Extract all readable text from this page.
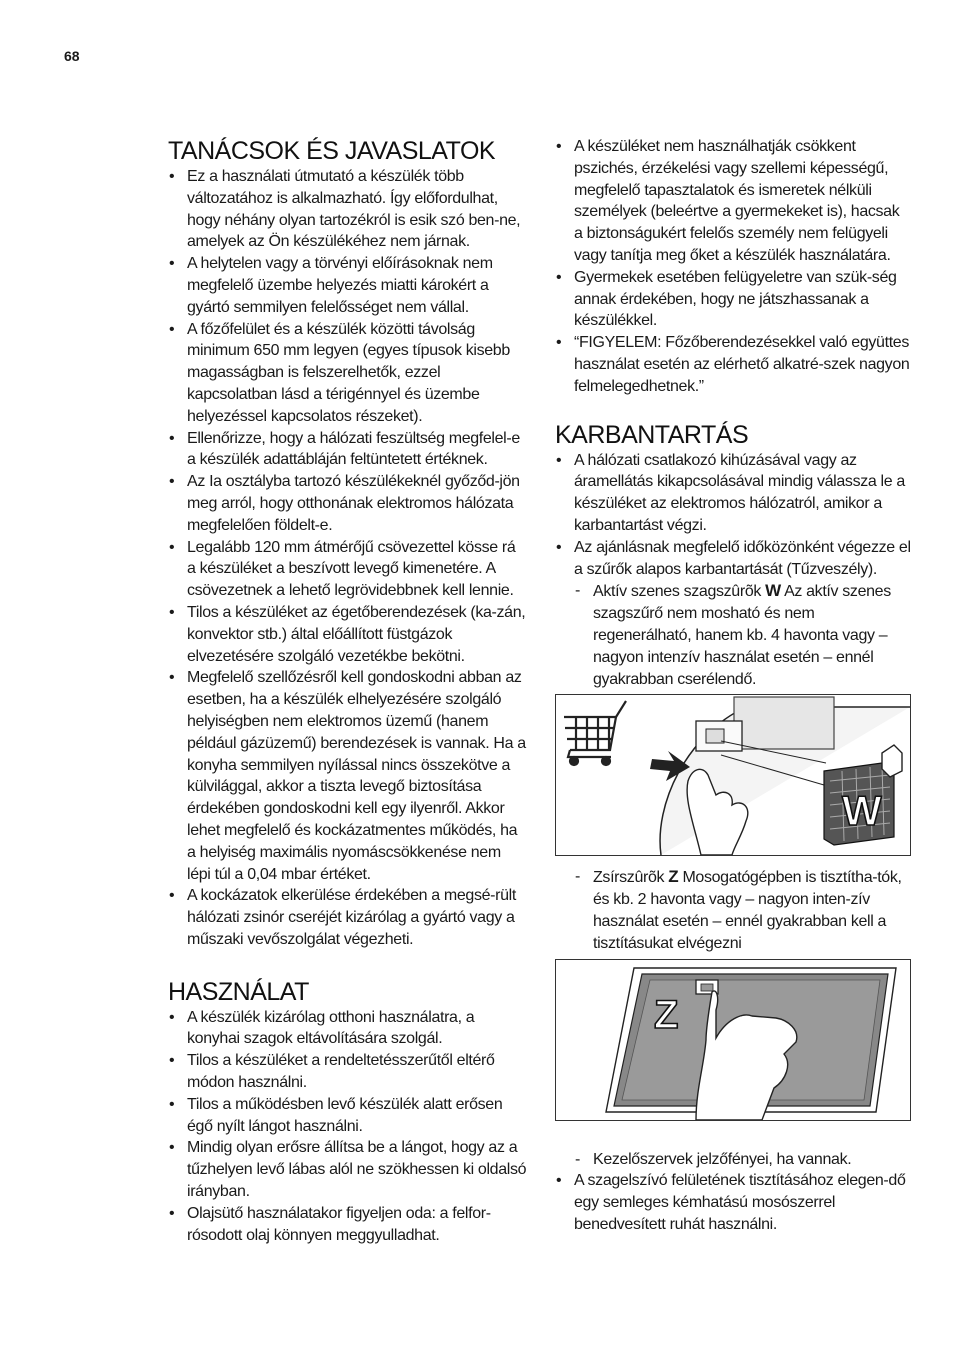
68
TANÁCSOK ÉS JAVASLATOK
• Ez a használati útmutató a készülék több változatához is alkalmazható. Így előfordulhat, hogy néhány olyan tartozékról is esik szó ben-ne, amelyek az Ön készülékéhez nem járnak.
• A helytelen vagy a törvényi előírásoknak nem megfelelő üzembe helyezés miatti károkért a gyártó semmilyen felelősséget nem vállal.
• A főzőfelület és a készülék közötti távolság minimum 650 mm legyen (egyes típusok kisebb magasságban is felszerelhetők, ezzel kapcsolatban lásd a térigénnyel és üzembe helyezéssel kapcsolatos részeket).
• Ellenőrizze, hogy a hálózati feszültség megfelel-e a készülék adattábláján feltüntetett értéknek.
• Az Ia osztályba tartozó készülékeknél győződ-jön meg arról, hogy otthonának elektromos hálózata megfelelően földelt-e.
• Legalább 120 mm átmérőjű csövezettel kösse rá a készüléket a beszívott levegő kimenetére. A csövezetnek a lehető legrövidebbnek kell lennie.
• Tilos a készüléket az égetőberendezések (ka-zán, konvektor stb.) által előállított füstgázok elvezetésére szolgáló vezetékbe bekötni.
• Megfelelő szellőzésről kell gondoskodni abban az esetben, ha a készülék elhelyezésére szolgáló helyiségben nem elektromos üzemű (hanem például gázüzemű) berendezések is vannak. Ha a konyha semmilyen nyílással nincs összekötve a külvilággal, akkor a tiszta levegő biztosítása érdekében gondoskodni kell egy ilyenről. Akkor lehet megfelelő és kockázatmentes működés, ha a helyiség maximális nyomáscsökkenése nem lépi túl a 0,04 mbar értéket.
• A kockázatok elkerülése érdekében a megsé-rült hálózati zsinór cseréjét kizárólag a gyártó vagy a műszaki vevőszolgálat végezheti.
HASZNÁLAT
• A készülék kizárólag otthoni használatra, a konyhai szagok eltávolítására szolgál.
• Tilos a készüléket a rendeltetésszerűtől eltérő módon használni.
• Tilos a működésben levő készülék alatt erősen égő nyílt lángot használni.
• Mindig olyan erősre állítsa be a lángot, hogy az a tűzhelyen levő lábas alól ne szökhessen ki oldalsó irányban.
• Olajsütő használatakor figyeljen oda: a felfor-rósodott olaj könnyen meggyulladhat.
• A készüléket nem használhatják csökkent pszichés, érzékelési vagy szellemi képességű, megfelelő tapasztalatok és ismeretek nélküli személyek (beleértve a gyermekeket is), hacsak a biztonságukért felelős személy nem felügyeli vagy tanítja meg őket a készülék használatára.
• Gyermekek esetében felügyeletre van szük-ség annak érdekében, hogy ne játszhassanak a készülékkel.
• “FIGYELEM: Főzőberendezésekkel való együttes használat esetén az elérhető alkatré-szek nagyon felmelegedhetnek.”
KARBANTARTÁS
• A hálózati csatlakozó kihúzásával vagy az áramellátás kikapcsolásával mindig válassza le a készüléket az elektromos hálózatról, amikor a karbantartást végzi.
• Az ajánlásnak megfelelő időközönként végezze el a szűrők alapos karbantartását (Tűzveszély).
- Aktív szenes szagszûrõk W Az aktív szenes szagszűrő nem mosható és nem regenerálható, hanem kb. 4 havonta vagy – nagyon intenzív használat esetén – ennél gyakrabban cserélendő.
W
- Zsírszûrõk Z Mosogatógépben is tisztítha-tók, és kb. 2 havonta vagy – nagyon inten-zív használat esetén – ennél gyakrabban kell a tisztításukat elvégezni
Z
- Kezelőszervek jelzőfényei, ha vannak.
• A szagelszívó felületének tisztításához elegen-dő egy semleges kémhatású mosószerrel benedvesített ruhát használni.
